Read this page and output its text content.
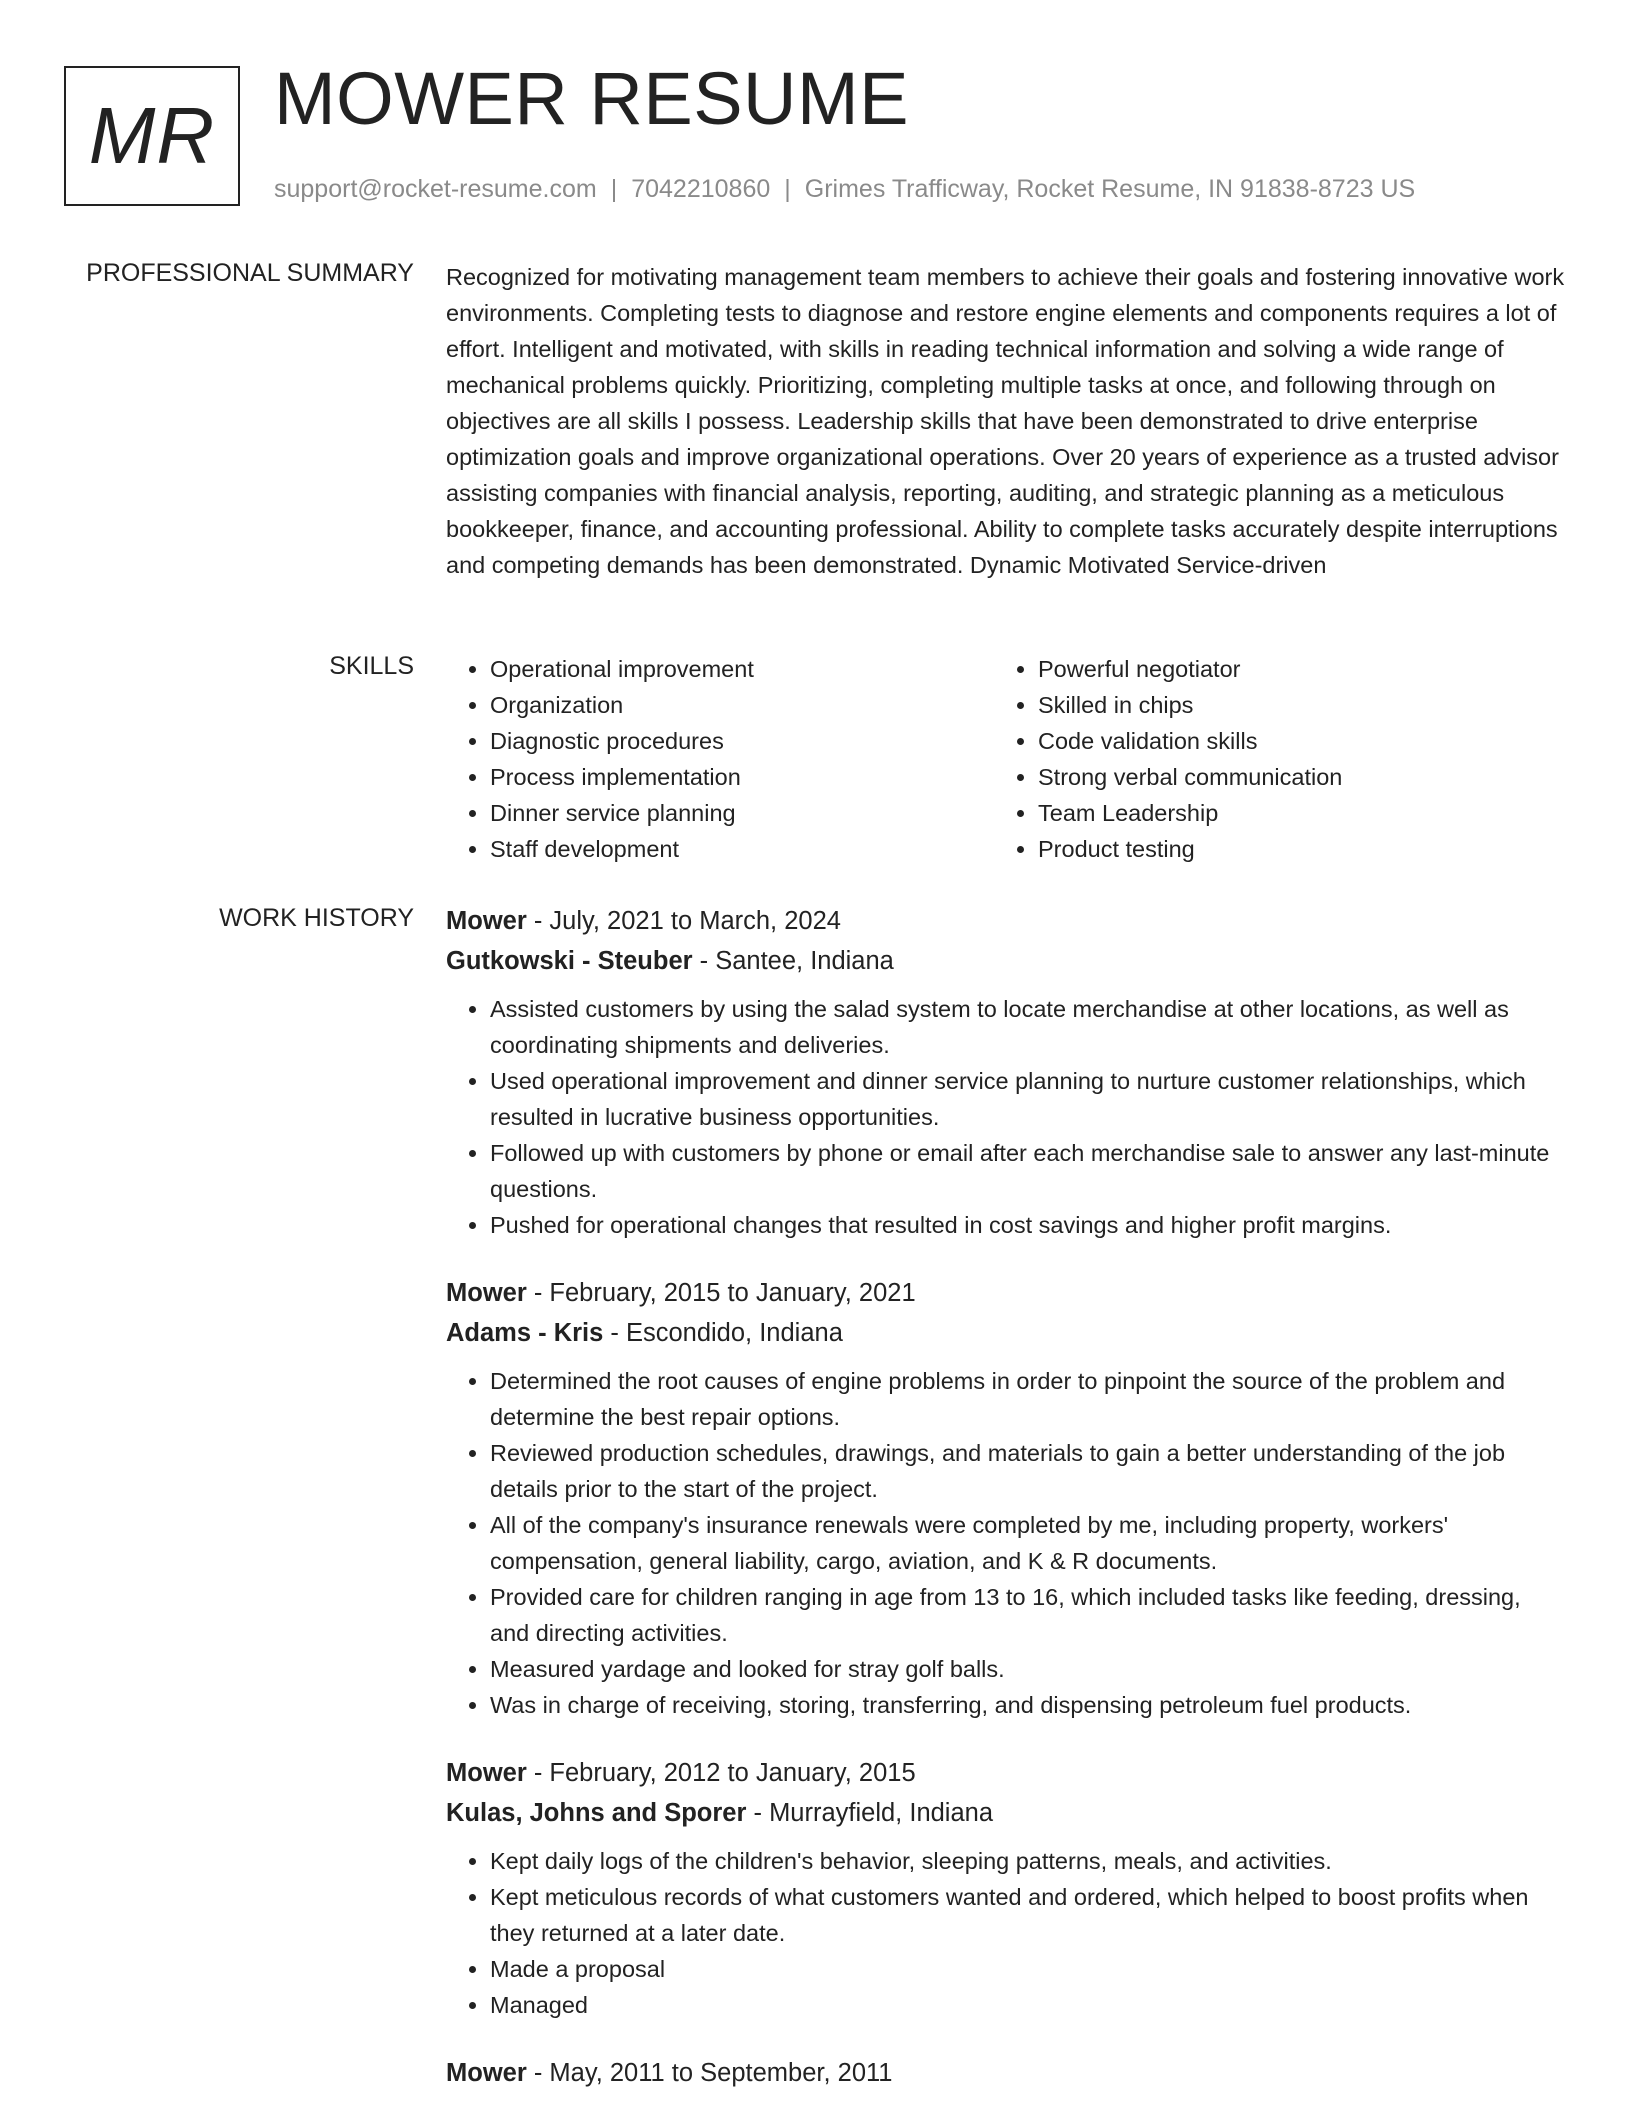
MR MOWER RESUME
support@rocket-resume.com | 7042210860 | Grimes Trafficway, Rocket Resume, IN 91838-8723 US
PROFESSIONAL SUMMARY Recognized for motivating management team members to achieve their goals and fostering innovative work environments. Completing tests to diagnose and restore engine elements and components requires a lot of effort. Intelligent and motivated, with skills in reading technical information and solving a wide range of mechanical problems quickly. Prioritizing, completing multiple tasks at once, and following through on objectives are all skills I possess. Leadership skills that have been demonstrated to drive enterprise optimization goals and improve organizational operations. Over 20 years of experience as a trusted advisor assisting companies with financial analysis, reporting, auditing, and strategic planning as a meticulous bookkeeper, finance, and accounting professional. Ability to complete tasks accurately despite interruptions and competing demands has been demonstrated. Dynamic Motivated Service-driven
SKILLS
•	Operational improvement
• Organization
• Diagnostic procedures
• Process implementation
• Dinner service planning
• Staff development
• Powerful negotiator
• Skilled in chips
• Code validation skills
• Strong verbal communication
• Team Leadership
• Product testing
WORK HISTORY Mower - July, 2021 to March, 2024
Gutkowski - Steuber - Santee, Indiana
• Assisted customers by using the salad system to locate merchandise at other locations, as well as coordinating shipments and deliveries.
• Used operational improvement and dinner service planning to nurture customer relationships, which resulted in lucrative business opportunities.
• Followed up with customers by phone or email after each merchandise sale to answer any last-minute questions.
• Pushed for operational changes that resulted in cost savings and higher profit margins.
Mower - February, 2015 to January, 2021
Adams - Kris - Escondido, Indiana
• Determined the root causes of engine problems in order to pinpoint the source of the problem and determine the best repair options.
• Reviewed production schedules, drawings, and materials to gain a better understanding of the job details prior to the start of the project.
• All of the company's insurance renewals were completed by me, including property, workers' compensation, general liability, cargo, aviation, and K & R documents.
• Provided care for children ranging in age from 13 to 16, which included tasks like feeding, dressing, and directing activities.
• Measured yardage and looked for stray golf balls.
• Was in charge of receiving, storing, transferring, and dispensing petroleum fuel products.
Mower - February, 2012 to January, 2015
Kulas, Johns and Sporer - Murrayfield, Indiana
• Kept daily logs of the children's behavior, sleeping patterns, meals, and activities.
• Kept meticulous records of what customers wanted and ordered, which helped to boost profits when they returned at a later date.
• Made a proposal
• Managed
Mower - May, 2011 to September, 2011
